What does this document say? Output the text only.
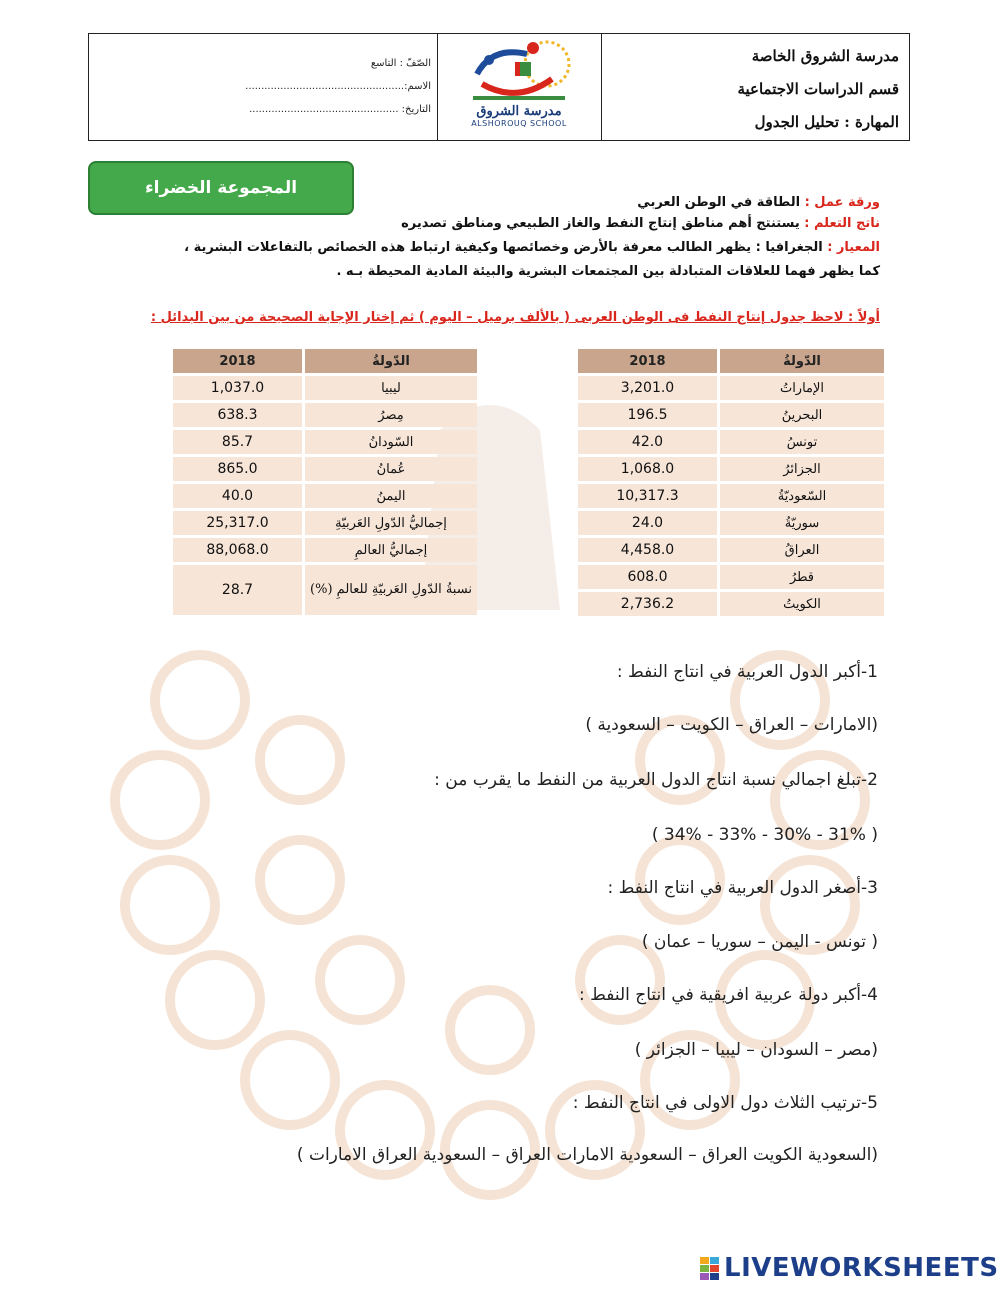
الصّفّ : التاسع
الاسم:..................................................
التاريخ: ...............................................	مدرسة الشروق
ALSHOROUQ SCHOOL
مدرسة الشروق الخاصة
قسم الدراسات الاجتماعية
المهارة : تحليل الجدول
المجموعة الخضراء
ورقة عمل : الطاقة في الوطن العربي
ناتج التعلم : يستنتج أهم مناطق إنتاج النفط والغاز الطبيعي ومناطق تصديره
المعيار : الجغرافيا : يظهر الطالب معرفة بالأرض وخصائصها وكيفية ارتباط هذه الخصائص بالتفاعلات البشرية ،
كما يظهر فهما للعلاقات المتبادلة بين المجتمعات البشرية والبيئة المادية المحيطة بـه .
أولاً : لاحظ جدول إنتاج النفط فى الوطن العربى ( بالألف برميل – اليوم ) ثم إختار الإجابة الصحيحة من بين البدائل :
الدّولةُ	2018
الإماراتُ	3,201.0
البحرينُ	196.5
تونسُ	42.0
الجزائرُ	1,068.0
السّعوديّةُ	10,317.3
سوريّةُ	24.0
العراقُ	4,458.0
قطرُ	608.0
الكويتُ	2,736.2
الدّولةُ	2018
ليبيا	1,037.0
مِصرُ	638.3
السّودانُ	85.7
عُمانُ	865.0
اليمنُ	40.0
إجماليُّ الدّولِ العَربيّةِ	25,317.0
إجماليُّ العالمِ	88,068.0
نسبةُ الدّولِ العَربيّةِ للعالمِ (%)	28.7
1-أكبر الدول العربية في انتاج النفط :
(الامارات – العراق – الكويت – السعودية )
2-تبلغ اجمالي نسبة انتاج الدول العربية من النفط ما يقرب من :
( 31% - 30% - 33% - 34% )
3-أصغر الدول العربية في انتاج النفط :
( تونس - اليمن – سوريا – عمان )
4-أكبر دولة عربية افريقية في انتاج النفط :
(مصر – السودان – ليبيا – الجزائر )
5-ترتيب الثلاث دول الاولى في انتاج النفط :
(السعودية الكويت العراق – السعودية الامارات العراق – السعودية العراق الامارات )
LIVEWORKSHEETS
